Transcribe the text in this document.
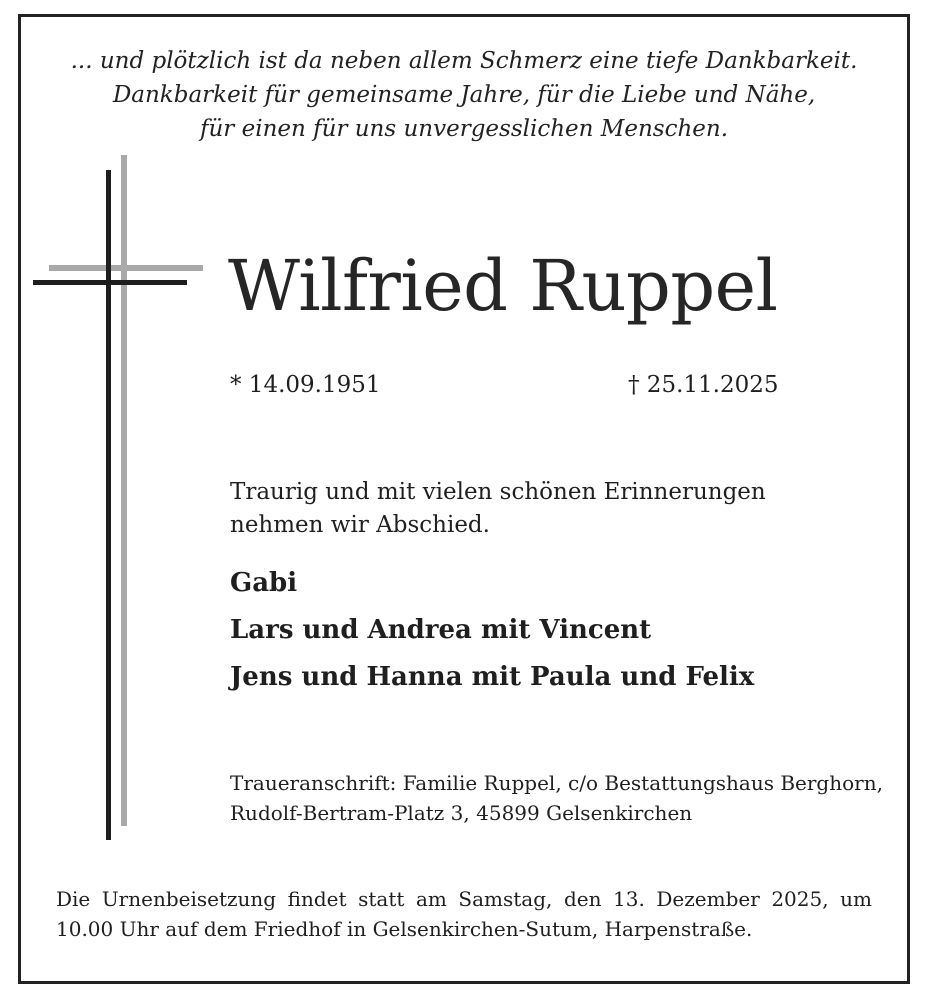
... und plötzlich ist da neben allem Schmerz eine tiefe Dankbarkeit.
Dankbarkeit für gemeinsame Jahre, für die Liebe und Nähe,
für einen für uns unvergesslichen Menschen.
Wilfried Ruppel
* 14.09.1951	† 25.11.2025
Traurig und mit vielen schönen Erinnerungen
nehmen wir Abschied.
Gabi
Lars und Andrea mit Vincent
Jens und Hanna mit Paula und Felix
Traueranschrift: Familie Ruppel, c/o Bestattungshaus Berghorn,
Rudolf-Bertram-Platz 3, 45899 Gelsenkirchen
Die Urnenbeisetzung findet statt am Samstag, den 13. Dezember 2025, um
10.00 Uhr auf dem Friedhof in Gelsenkirchen-Sutum, Harpenstraße.
